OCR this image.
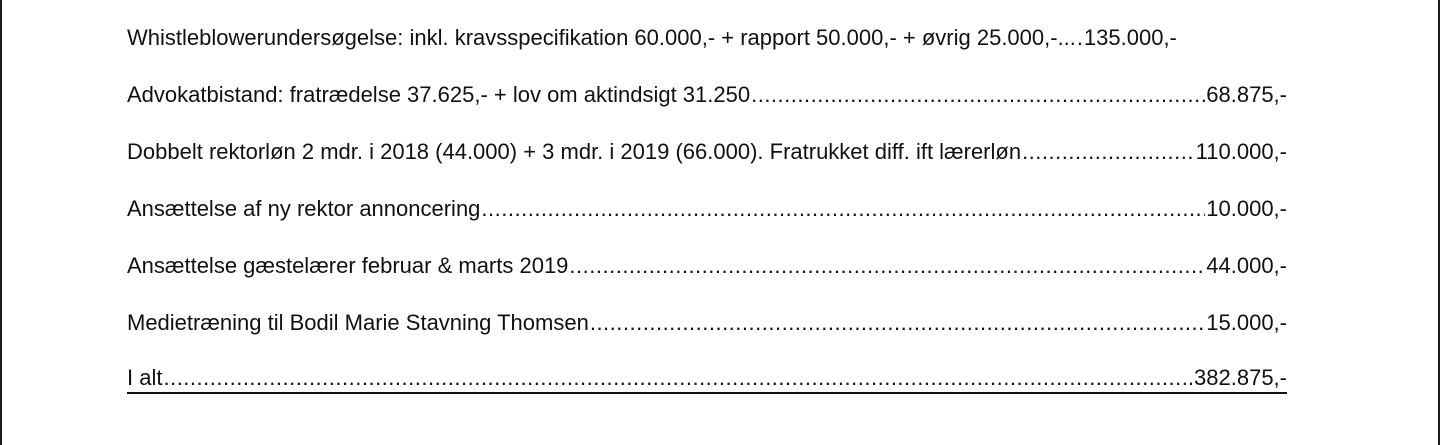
Whistleblowerundersøgelse: inkl. kravsspecifikation 60.000,- + rapport 50.000,- + øvrig 25.000,-... ..... 135.000,-
Advokatbistand: fratrædelse 37.625,- + lov om aktindsigt 31.250 .....	68.875,-
Dobbelt rektorløn 2 mdr. i 2018 (44.000) + 3 mdr. i 2019 (66.000). Fratrukket diff. ift lærerløn .....	110.000,-
Ansættelse af ny rektor annoncering .....	10.000,-
Ansættelse gæstelærer februar & marts 2019 .....	44.000,-
Medietræning til Bodil Marie Stavning Thomsen .....	15.000,-
I alt .....	.382.875,-
